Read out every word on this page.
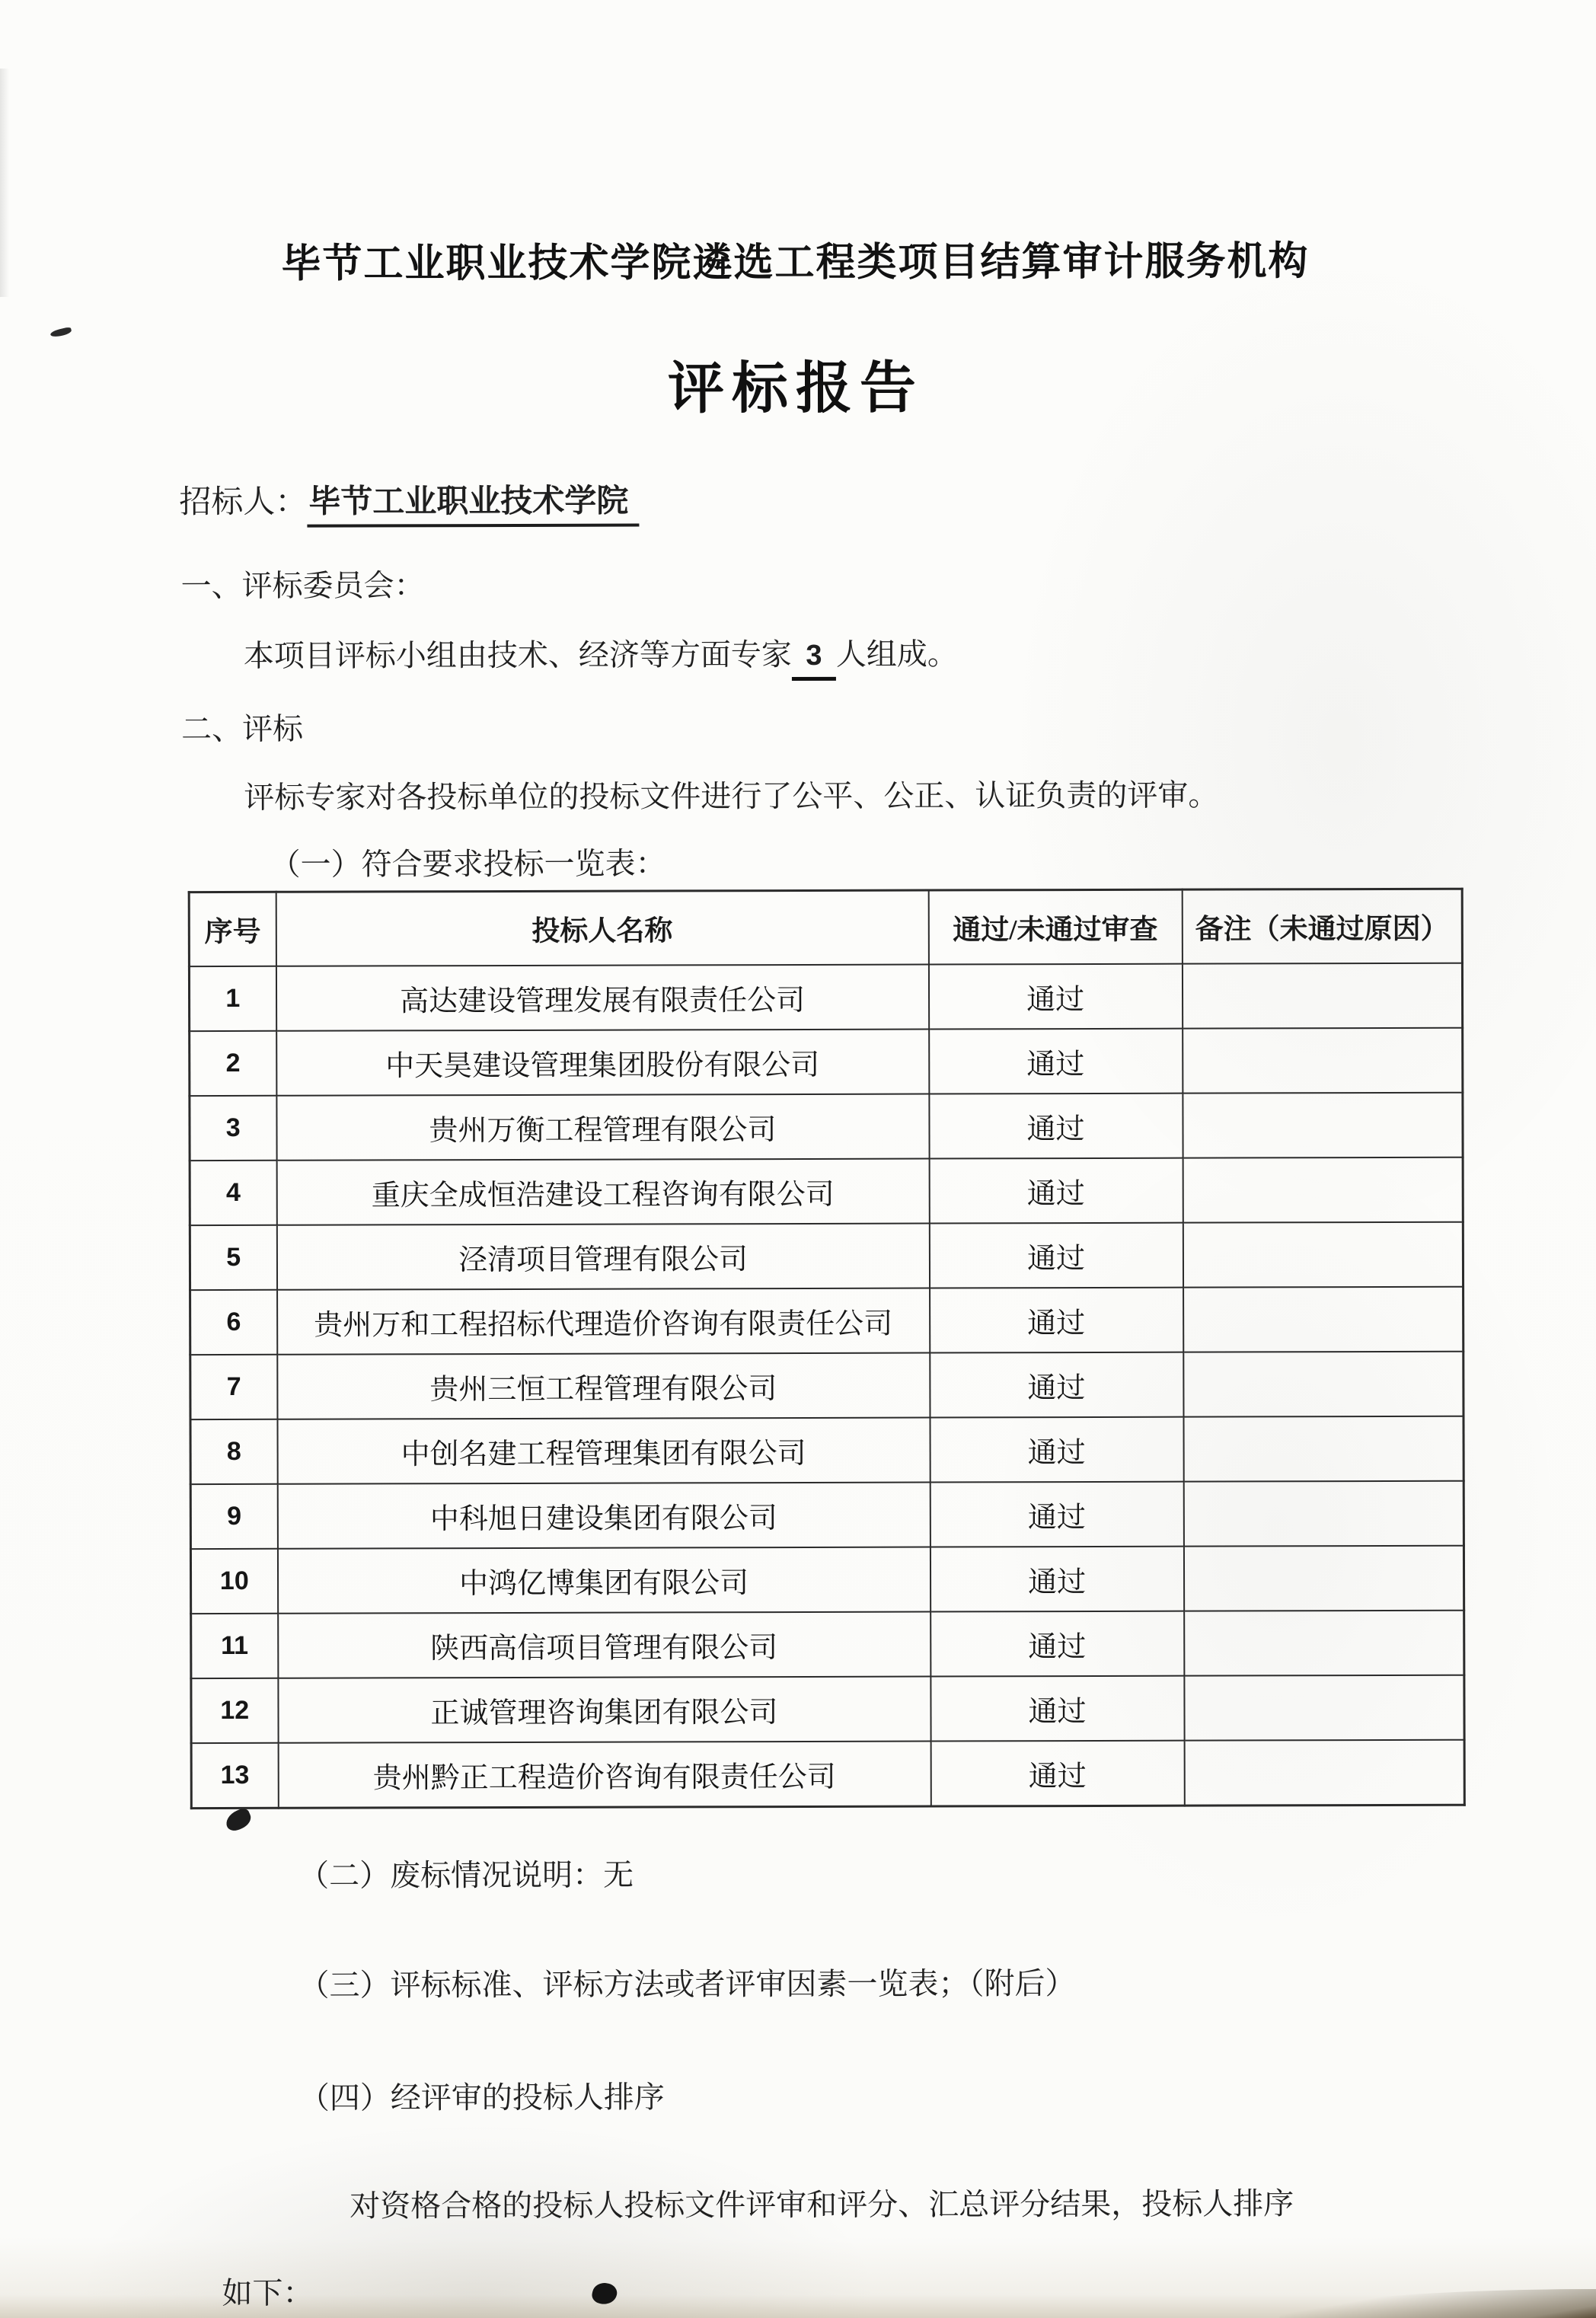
毕节工业职业技术学院遴选工程类项目结算审计服务机构
评标报告

招标人：毕节工业职业技术学院

一、评标委员会：

本项目评标小组由技术、经济等方面专家 3 人组成。

二、评标

评标专家对各投标单位的投标文件进行了公平、公正、认证负责的评审。

（一）符合要求投标一览表：

序号	投标人名称	通过/未通过审查	备注（未通过原因）
1	高达建设管理发展有限责任公司	通过	
2	中天昊建设管理集团股份有限公司	通过	
3	贵州万衡工程管理有限公司	通过	
4	重庆全成恒浩建设工程咨询有限公司	通过	
5	泾清项目管理有限公司	通过	
6	贵州万和工程招标代理造价咨询有限责任公司	通过	
7	贵州三恒工程管理有限公司	通过	
8	中创名建工程管理集团有限公司	通过	
9	中科旭日建设集团有限公司	通过	
10	中鸿亿博集团有限公司	通过	
11	陕西高信项目管理有限公司	通过	
12	正诚管理咨询集团有限公司	通过	
13	贵州黔正工程造价咨询有限责任公司	通过	

（二）废标情况说明：无

（三）评标标准、评标方法或者评审因素一览表；（附后）

（四）经评审的投标人排序

对资格合格的投标人投标文件评审和评分、汇总评分结果，投标人排序

如下：
